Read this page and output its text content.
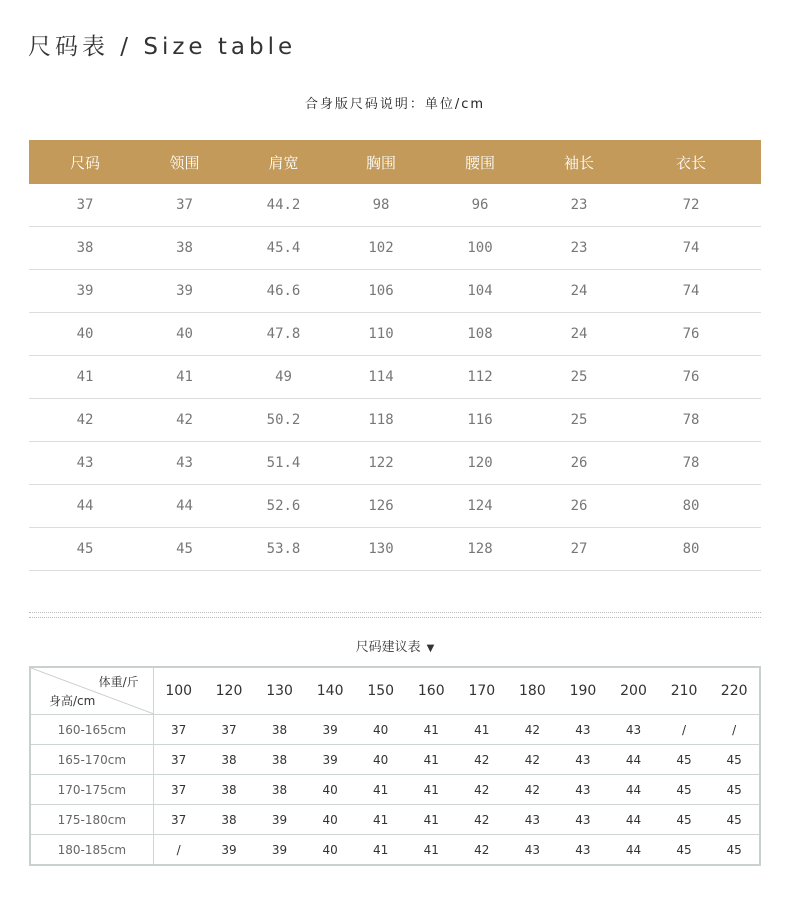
尺码表 / Size table
合身版尺码说明：单位/cm
尺码	领围	肩宽	胸围	腰围	袖长	衣长
37	37	44.2	98	96	23	72
38	38	45.4	102	100	23	74
39	39	46.6	106	104	24	74
40	40	47.8	110	108	24	76
41	41	49	114	112	25	76
42	42	50.2	118	116	25	78
43	43	51.4	122	120	26	78
44	44	52.6	126	124	26	80
45	45	53.8	130	128	27	80
尺码建议表 ▼
体重/斤
身高/cm	100	120	130	140	150	160	170	180	190	200	210	220
160-165cm	37	37	38	39	40	41	41	42	43	43	/	/
165-170cm	37	38	38	39	40	41	42	42	43	44	45	45
170-175cm	37	38	38	40	41	41	42	42	43	44	45	45
175-180cm	37	38	39	40	41	41	42	43	43	44	45	45
180-185cm	/	39	39	40	41	41	42	43	43	44	45	45
